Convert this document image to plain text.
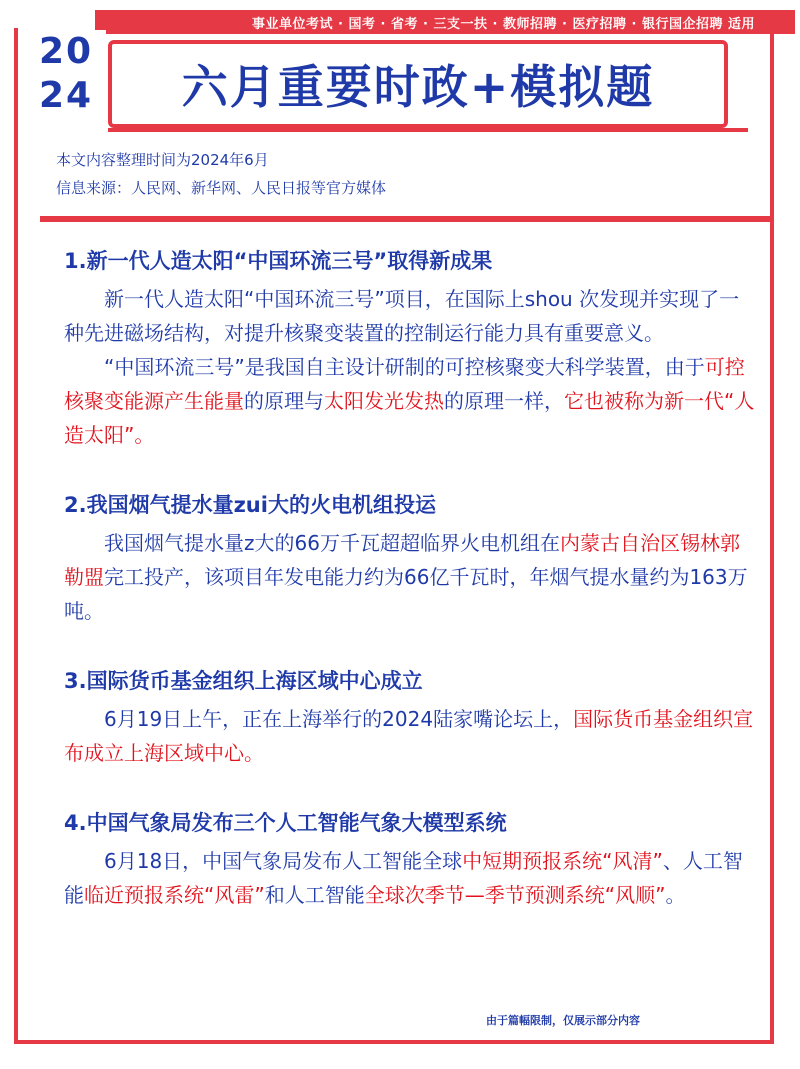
事业单位考试 · 国考 · 省考 · 三支一扶 · 教师招聘 · 医疗招聘 · 银行国企招聘 适用
20
24 六月重要时政+模拟题
本文内容整理时间为2024年6月
信息来源：人民网、新华网、人民日报等官方媒体
1.新一代人造太阳“中国环流三号”取得新成果

新一代人造太阳“中国环流三号”项目，在国际上shou 次发现并实现了一种先进磁场结构，对提升核聚变装置的控制运行能力具有重要意义。

“中国环流三号”是我国自主设计研制的可控核聚变大科学装置，由于可控核聚变能源产生能量的原理与太阳发光发热的原理一样，它也被称为新一代“人造太阳”。

2.我国烟气提水量zui大的火电机组投运

我国烟气提水量z大的66万千瓦超超临界火电机组在内蒙古自治区锡林郭勒盟完工投产，该项目年发电能力约为66亿千瓦时，年烟气提水量约为163万吨。

3.国际货币基金组织上海区域中心成立

6月19日上午，正在上海举行的2024陆家嘴论坛上，国际货币基金组织宣布成立上海区域中心。

4.中国气象局发布三个人工智能气象大模型系统

6月18日，中国气象局发布人工智能全球中短期预报系统“风清”、人工智能临近预报系统“风雷”和人工智能全球次季节—季节预测系统“风顺”。

由于篇幅限制，仅展示部分内容
